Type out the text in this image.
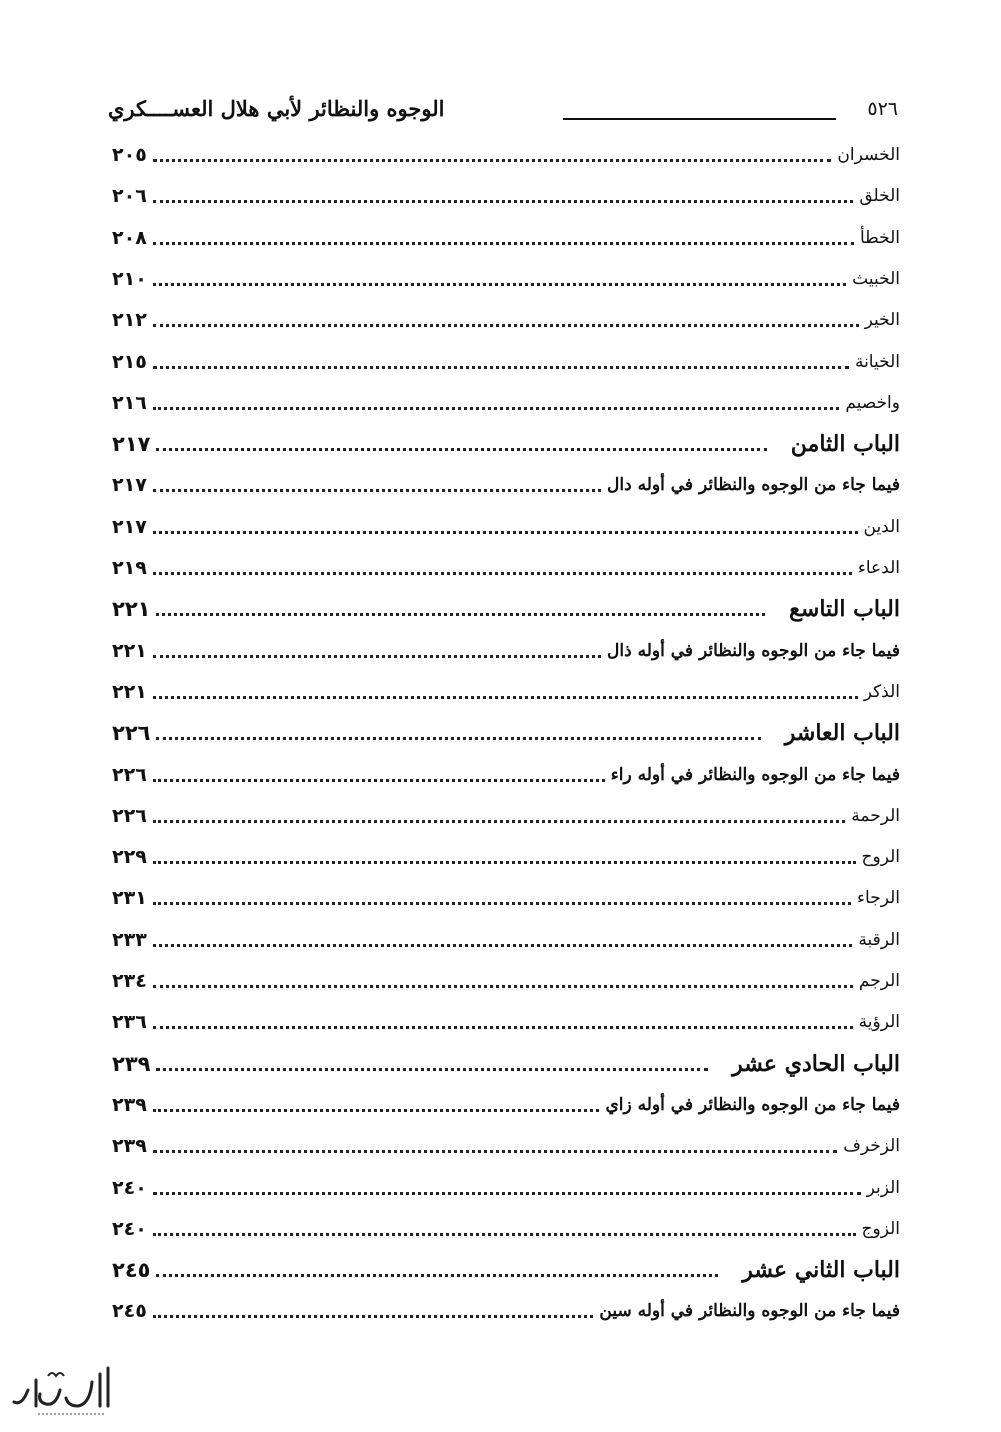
٥٢٦
الوجوه والنظائر لأبي هلال العســــكري
الخسران
٢٠٥
الخلق
٢٠٦
الخطأ
٢٠٨
الخبيث
٢١٠
الخير
٢١٢
الخيانة
٢١٥
واخصيم
٢١٦
الباب الثامن
٢١٧
فيما جاء من الوجوه والنظائر في أوله دال
٢١٧
الدين
٢١٧
الدعاء
٢١٩
الباب التاسع
٢٢١
فيما جاء من الوجوه والنظائر في أوله ذال
٢٢١
الذكر
٢٢١
الباب العاشر
٢٢٦
فيما جاء من الوجوه والنظائر في أوله راء
٢٢٦
الرحمة
٢٢٦
الروح
٢٢٩
الرجاء
٢٣١
الرقبة
٢٣٣
الرجم
٢٣٤
الرؤية
٢٣٦
الباب الحادي عشر
٢٣٩
فيما جاء من الوجوه والنظائر في أوله زاي
٢٣٩
الزخرف
٢٣٩
الزبر
٢٤٠
الزوج
٢٤٠
الباب الثاني عشر
٢٤٥
فيما جاء من الوجوه والنظائر في أوله سين
٢٤٥
